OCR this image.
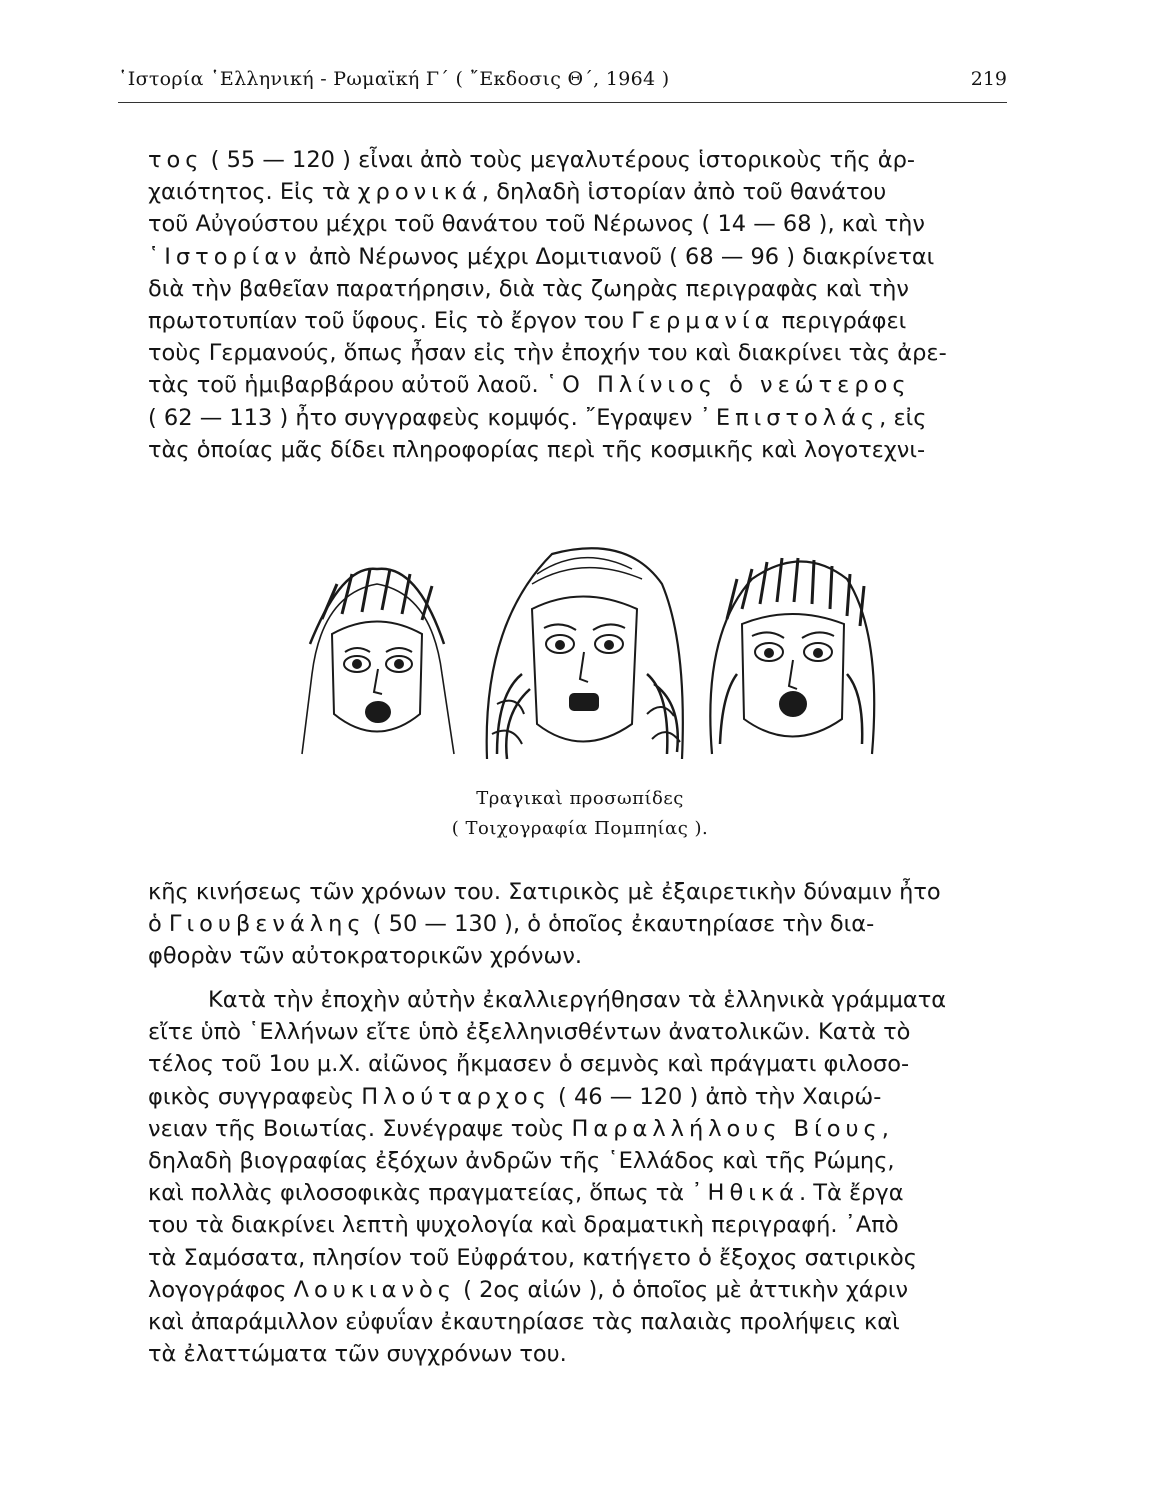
῾Ιστορία ῾Ελληνική - Ρωμαϊκή Γ΄ ( ῎Εκδοσις Θ΄, 1964 )	219
τος ( 55 — 120 ) εἶναι ἀπὸ τοὺς μεγαλυτέρους ἱστορικοὺς τῆς ἀρ-
χαιότητος. Εἰς τὰ χρονικά, δηλαδὴ ἱστορίαν ἀπὸ τοῦ θανάτου
τοῦ Αὐγούστου μέχρι τοῦ θανάτου τοῦ Νέρωνος ( 14 — 68 ), καὶ τὴν
῾Ιστορίαν ἀπὸ Νέρωνος μέχρι Δομιτιανοῦ ( 68 — 96 ) διακρίνεται
διὰ τὴν βαθεῖαν παρατήρησιν, διὰ τὰς ζωηρὰς περιγραφὰς καὶ τὴν
πρωτοτυπίαν τοῦ ὕφους. Εἰς τὸ ἔργον του Γερμανία περιγράφει
τοὺς Γερμανούς, ὅπως ἦσαν εἰς τὴν ἐποχήν του καὶ διακρίνει τὰς ἀρε-
τὰς τοῦ ἡμιβαρβάρου αὐτοῦ λαοῦ. ῾Ο Πλίνιος ὁ νεώτερος
( 62 — 113 ) ἦτο συγγραφεὺς κομψός. ῎Εγραψεν ᾿Επιστολάς, εἰς
τὰς ὁποίας μᾶς δίδει πληροφορίας περὶ τῆς κοσμικῆς καὶ λογοτεχνι-
Τραγικαὶ προσωπίδες
( Τοιχογραφία Πομπηίας ).
κῆς κινήσεως τῶν χρόνων του. Σατιρικὸς μὲ ἐξαιρετικὴν δύναμιν ἦτο
ὁ Γιουβενάλης ( 50 — 130 ), ὁ ὁποῖος ἐκαυτηρίασε τὴν δια-
φθορὰν τῶν αὐτοκρατορικῶν χρόνων.
Κατὰ τὴν ἐποχὴν αὐτὴν ἐκαλλιεργήθησαν τὰ ἑλληνικὰ γράμματα
εἴτε ὑπὸ ῾Ελλήνων εἴτε ὑπὸ ἐξελληνισθέντων ἀνατολικῶν. Κατὰ τὸ
τέλος τοῦ 1ου μ.Χ. αἰῶνος ἤκμασεν ὁ σεμνὸς καὶ πράγματι φιλοσο-
φικὸς συγγραφεὺς Πλούταρχος ( 46 — 120 ) ἀπὸ τὴν Χαιρώ-
νειαν τῆς Βοιωτίας. Συνέγραψε τοὺς Παραλλήλους Βίους,
δηλαδὴ βιογραφίας ἐξόχων ἀνδρῶν τῆς ῾Ελλάδος καὶ τῆς Ρώμης,
καὶ πολλὰς φιλοσοφικὰς πραγματείας, ὅπως τὰ ᾿Ηθικά. Τὰ ἔργα
του τὰ διακρίνει λεπτὴ ψυχολογία καὶ δραματικὴ περιγραφή. ᾿Απὸ
τὰ Σαμόσατα, πλησίον τοῦ Εὐφράτου, κατήγετο ὁ ἔξοχος σατιρικὸς
λογογράφος Λουκιανὸς ( 2ος αἰών ), ὁ ὁποῖος μὲ ἀττικὴν χάριν
καὶ ἀπαράμιλλον εὐφυΐαν ἐκαυτηρίασε τὰς παλαιὰς προλήψεις καὶ
τὰ ἐλαττώματα τῶν συγχρόνων του.
